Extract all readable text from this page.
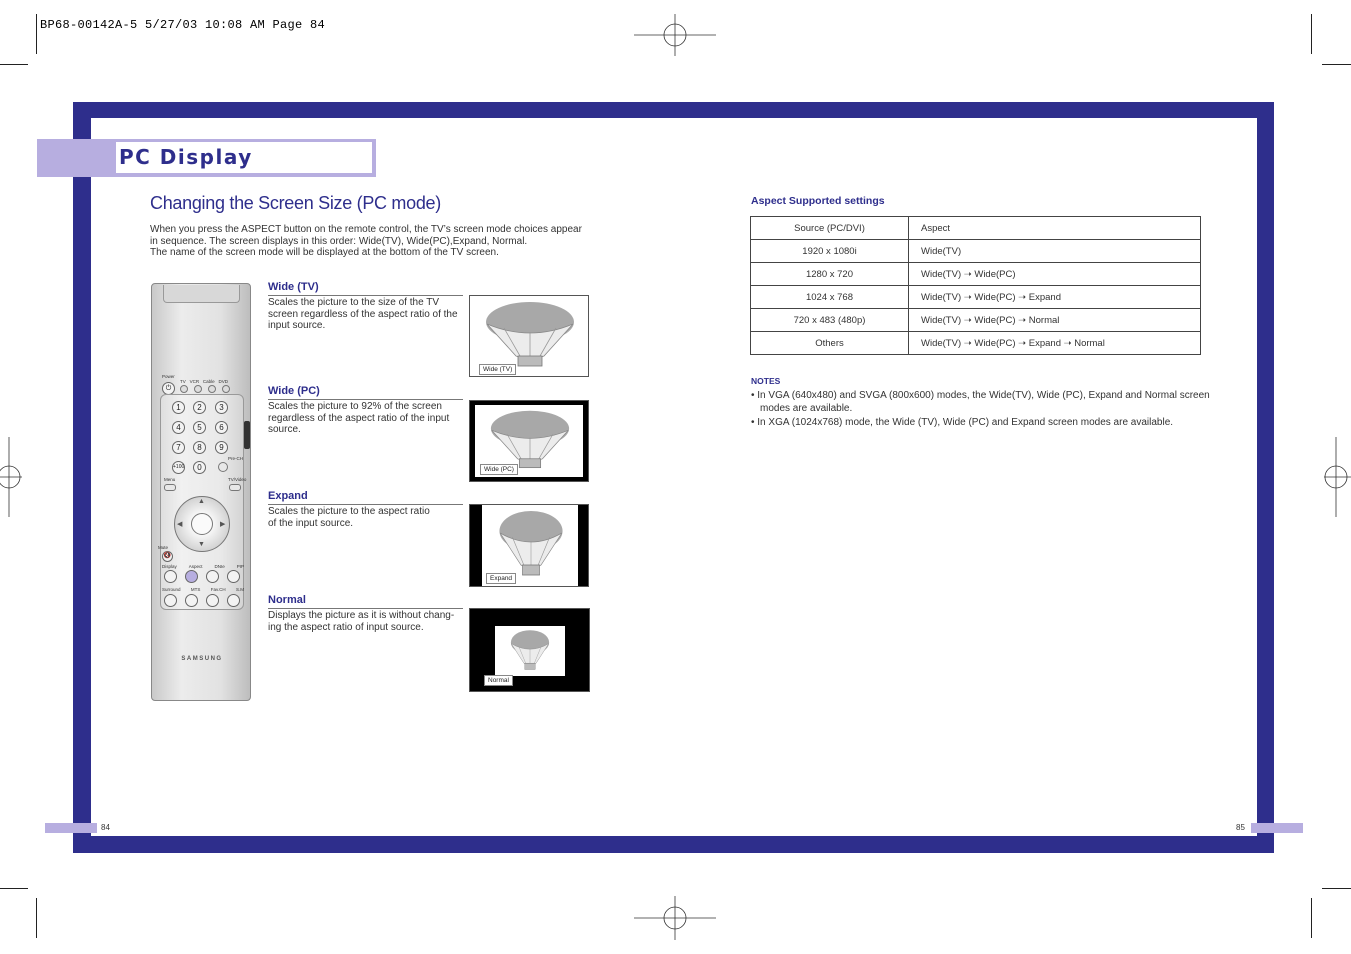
BP68-00142A-5 5/27/03 10:08 AM Page 84
PC Display
Changing the Screen Size (PC mode)
When you press the ASPECT button on the remote control, the TV’s screen mode choices appear
in sequence. The screen displays in this order: Wide(TV), Wide(PC),Expand, Normal.
The name of the screen mode will be displayed at the bottom of the TV screen.
Power
⏻
TV VCR Cable DVD
1	2	3
4	5	6
7	8	9
+100	0
Pre-CH
Menu	TV/Video
▲
▼
◀	▶
Mute
🔇
Display	Aspect	DNIe	PIP
Surround MTS Fav.CH S.M
SAMSUNG
Wide (TV)
Scales the picture to the size of the TV
screen regardless of the aspect ratio of the
input source.
Wide (TV)
Wide (PC)
Scales the picture to 92% of the screen
regardless of the aspect ratio of the input
source.
Wide (PC)
Expand
Scales the picture to the aspect ratio
of the input source.
Expand
Normal
Displays the picture as it is without chang-
ing the aspect ratio of input source.
Normal
Aspect Supported settings
Source (PC/DVI)	Aspect
1920 x 1080i	Wide(TV)
1280 x 720	Wide(TV) ➝ Wide(PC)
1024 x 768	Wide(TV) ➝ Wide(PC) ➝ Expand
720 x 483 (480p)	Wide(TV) ➝ Wide(PC) ➝ Normal
Others	Wide(TV) ➝ Wide(PC) ➝ Expand ➝ Normal
NOTES
• In VGA (640x480) and SVGA (800x600) modes, the Wide(TV), Wide (PC), Expand and Normal screen modes are available.
• In XGA (1024x768) mode, the Wide (TV), Wide (PC) and Expand screen modes are available.
84	85
